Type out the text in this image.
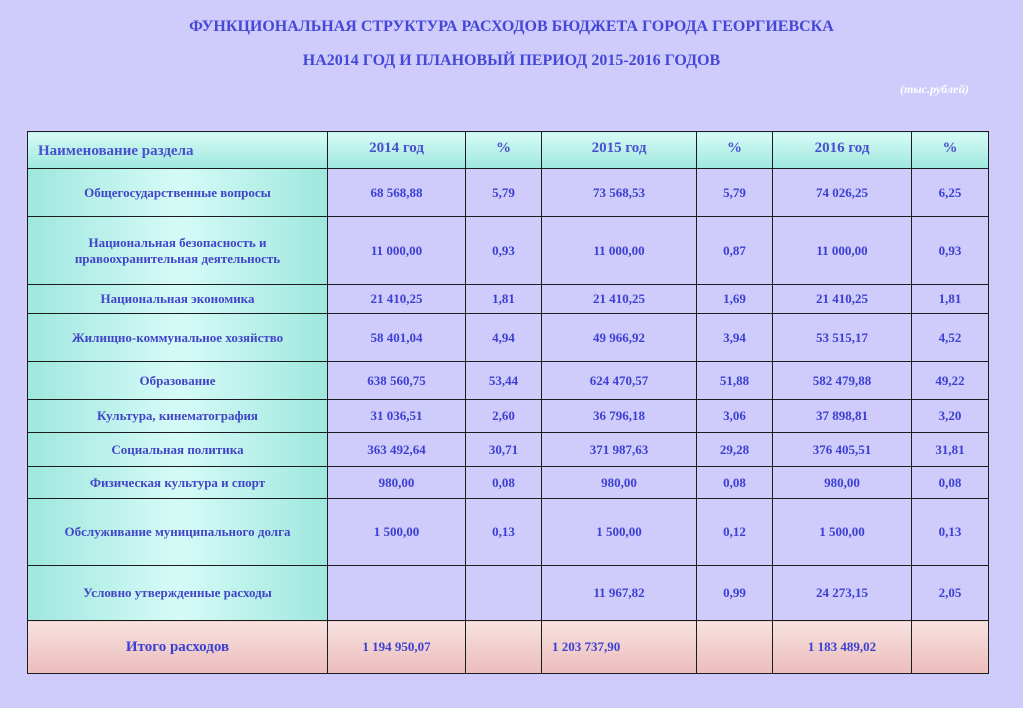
ФУНКЦИОНАЛЬНАЯ СТРУКТУРА РАСХОДОВ БЮДЖЕТА ГОРОДА ГЕОРГИЕВСКА
НА2014 ГОД И ПЛАНОВЫЙ ПЕРИОД 2015-2016 ГОДОВ
(тыс.рублей)
Наименование раздела	2014 год	%	2015 год	%	2016 год	%
Общегосударственные вопросы	68 568,88	5,79	73 568,53	5,79	74 026,25	6,25
Национальная безопасность и правоохранительная деятельность	11 000,00	0,93	11 000,00	0,87	11 000,00	0,93
Национальная экономика	21 410,25	1,81	21 410,25	1,69	21 410,25	1,81
Жилищно-коммунальное хозяйство	58 401,04	4,94	49 966,92	3,94	53 515,17	4,52
Образование	638 560,75	53,44	624 470,57	51,88	582 479,88	49,22
Культура, кинематография	31 036,51	2,60	36 796,18	3,06	37 898,81	3,20
Социальная политика	363 492,64	30,71	371 987,63	29,28	376 405,51	31,81
Физическая культура и спорт	980,00	0,08	980,00	0,08	980,00	0,08
Обслуживание муниципального долга	1 500,00	0,13	1 500,00	0,12	1 500,00	0,13
Условно утвержденные расходы			11 967,82	0,99	24 273,15	2,05
Итого расходов	1 194 950,07		1 203 737,90		1 183 489,02	
